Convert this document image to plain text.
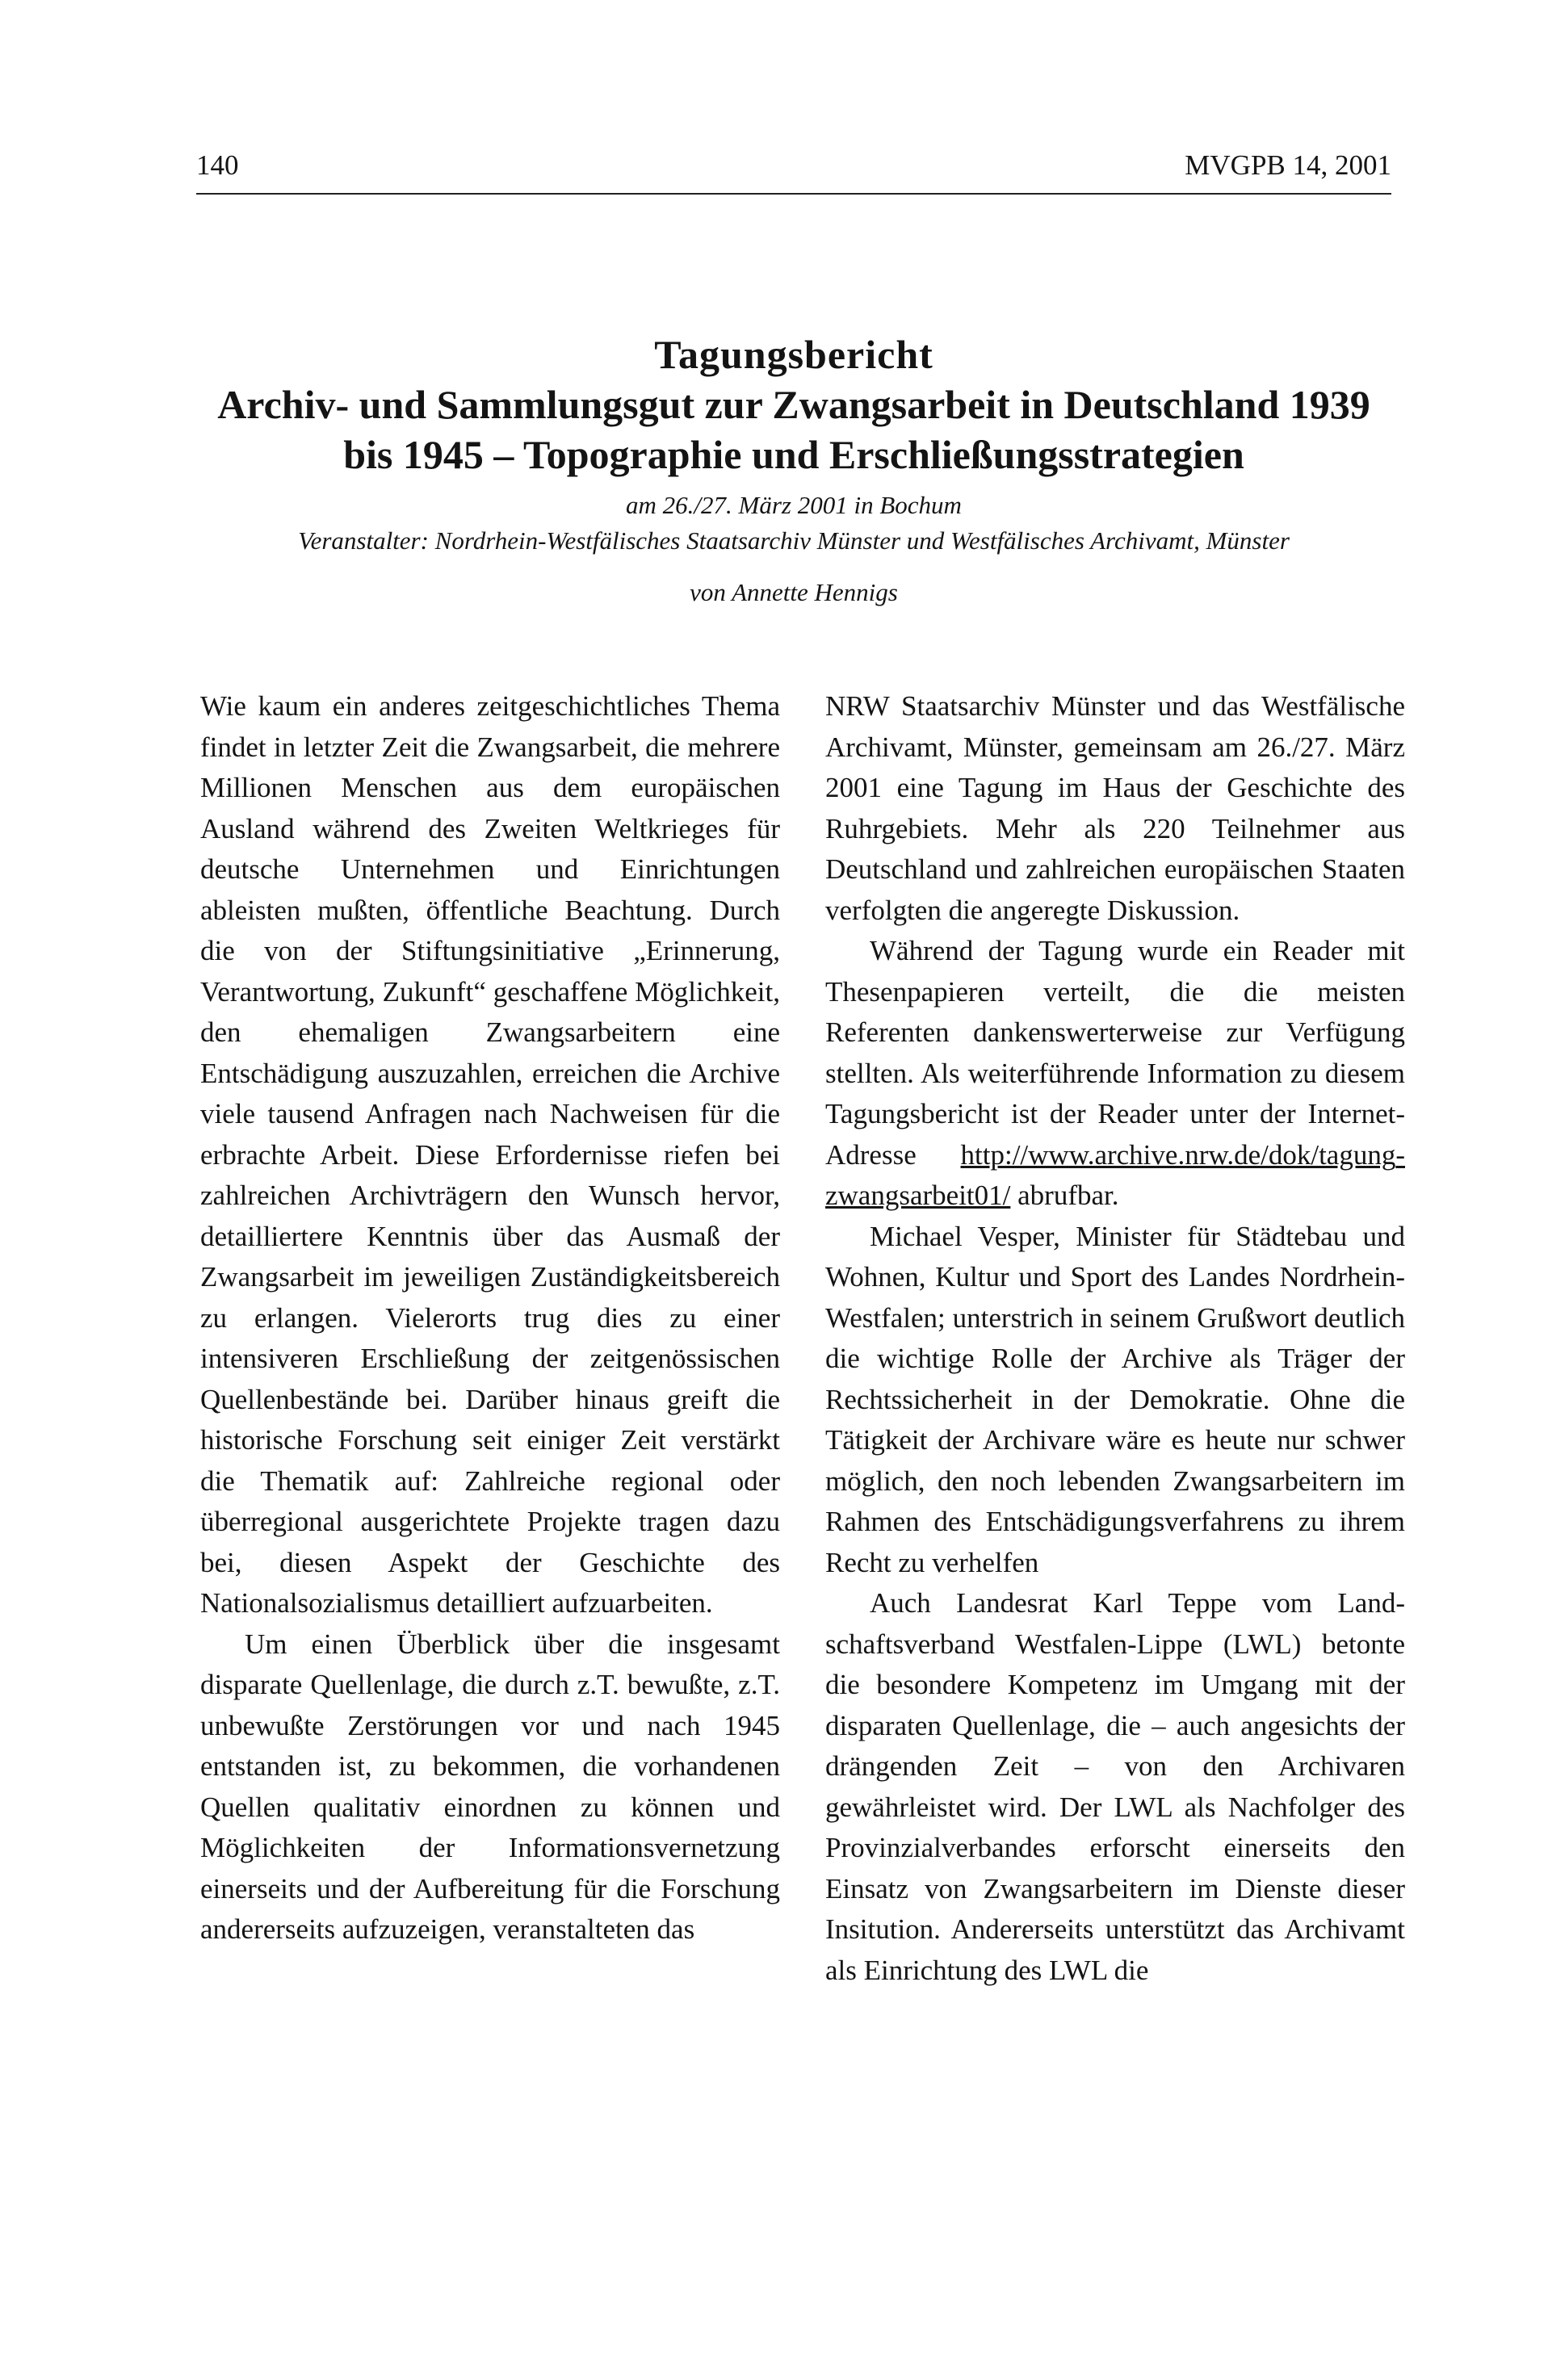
140	MVGPB 14, 2001
Tagungsbericht
Archiv- und Sammlungsgut zur Zwangsarbeit in Deutschland 1939 bis 1945 – Topographie und Erschließungsstrategien
am 26./27. März 2001 in Bochum
Veranstalter: Nordrhein-Westfälisches Staatsarchiv Münster und Westfälisches Archivamt, Münster
von Annette Hennigs

Wie kaum ein anderes zeitgeschichtliches Thema findet in letzter Zeit die Zwangsarbeit, die mehrere Millionen Menschen aus dem europäischen Ausland während des Zweiten Weltkrieges für deutsche Unternehmen und Einrichtungen ableisten mußten, öffentliche Beachtung. Durch die von der Stiftungsinitiative „Erinnerung, Verantwortung, Zukunft“ geschaffene Möglichkeit, den ehemaligen Zwangsarbeitern eine Entschädigung auszuzahlen, erreichen die Archive viele tausend Anfragen nach Nachweisen für die erbrachte Arbeit. Diese Erfordernisse riefen bei zahlreichen Archivträgern den Wunsch hervor, detailliertere Kenntnis über das Ausmaß der Zwangsarbeit im jeweiligen Zuständigkeitsbereich zu erlangen. Vielerorts trug dies zu einer intensiveren Erschließung der zeitgenössischen Quellenbestände bei. Darüber hinaus greift die historische Forschung seit einiger Zeit verstärkt die Thematik auf: Zahlreiche regional oder überregional ausgerichtete Projekte tragen dazu bei, diesen Aspekt der Geschichte des Nationalsozialismus detailliert aufzuarbeiten.

Um einen Überblick über die insgesamt disparate Quellenlage, die durch z.T. bewußte, z.T. unbewußte Zerstörungen vor und nach 1945 entstanden ist, zu bekommen, die vorhandenen Quellen qualitativ einordnen zu können und Möglichkeiten der Informationsvernetzung einerseits und der Aufbereitung für die Forschung andererseits aufzuzeigen, veranstalteten das

NRW Staatsarchiv Münster und das Westfälische Archivamt, Münster, gemeinsam am 26./27. März 2001 eine Tagung im Haus der Geschichte des Ruhrgebiets. Mehr als 220 Teilnehmer aus Deutschland und zahlreichen europäischen Staaten verfolgten die angeregte Diskussion.

Während der Tagung wurde ein Reader mit Thesenpapieren verteilt, die die meisten Referenten dankenswerterweise zur Verfügung stellten. Als weiterführende Information zu diesem Tagungsbericht ist der Reader unter der Internet-Adresse http://www.archive.nrw.de/dok/tagungzwangsarbeit01/ abrufbar.

Michael Vesper, Minister für Städtebau und Wohnen, Kultur und Sport des Landes Nordrhein-Westfalen; unterstrich in seinem Grußwort deutlich die wichtige Rolle der Archive als Träger der Rechtssicherheit in der Demokratie. Ohne die Tätigkeit der Archivare wäre es heute nur schwer möglich, den noch lebenden Zwangsarbeitern im Rahmen des Entschädigungsverfahrens zu ihrem Recht zu verhelfen

Auch Landesrat Karl Teppe vom Landschaftsverband Westfalen-Lippe (LWL) betonte die besondere Kompetenz im Umgang mit der disparaten Quellenlage, die – auch angesichts der drängenden Zeit – von den Archivaren gewährleistet wird. Der LWL als Nachfolger des Provinzialverbandes erforscht einerseits den Einsatz von Zwangsarbeitern im Dienste dieser Insitution. Andererseits unterstützt das Archivamt als Einrichtung des LWL die
